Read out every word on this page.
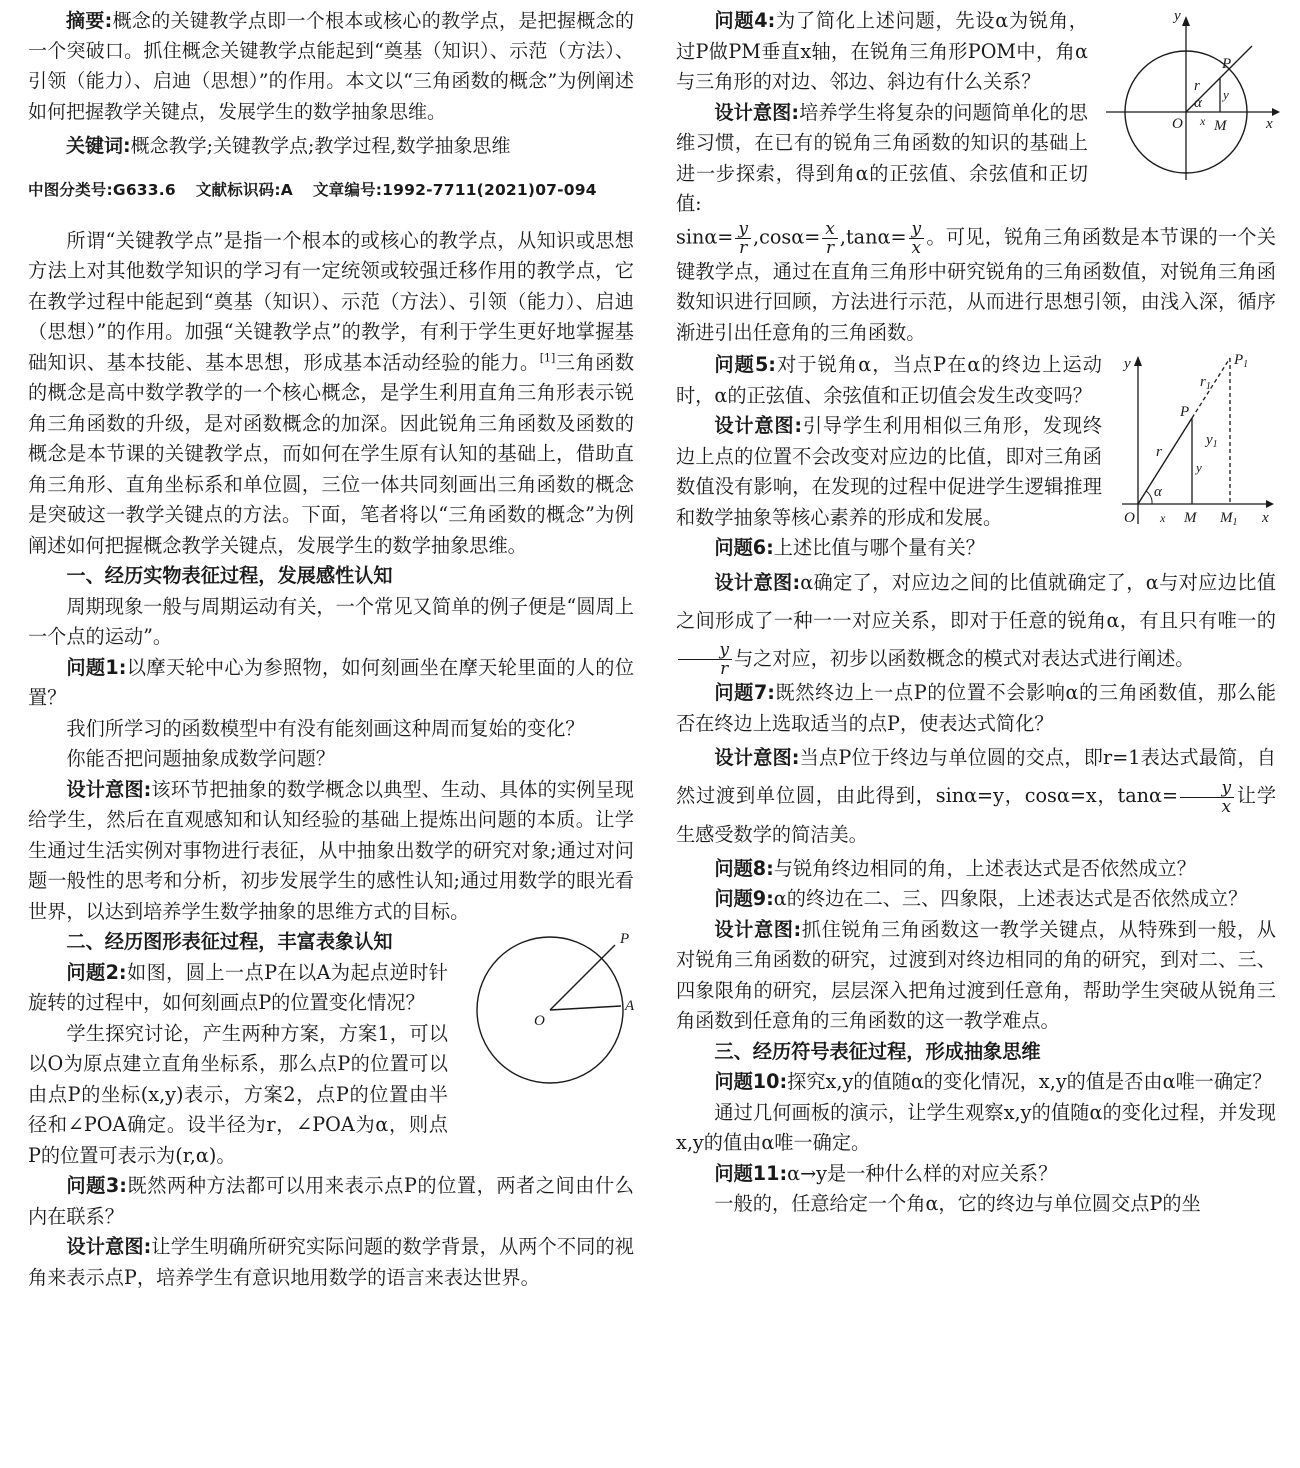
摘要:概念的关键教学点即一个根本或核心的教学点，是把握概念的一个突破口。抓住概念关键教学点能起到“奠基（知识）、示范（方法）、引领（能力）、启迪（思想）”的作用。本文以“三角函数的概念”为例阐述如何把握教学关键点，发展学生的数学抽象思维。

关键词:概念教学;关键教学点;教学过程,数学抽象思维

中图分类号:G633.6 文献标识码:A 文章编号:1992-7711(2021)07-094

所谓“关键教学点”是指一个根本的或核心的教学点，从知识或思想方法上对其他数学知识的学习有一定统领或较强迁移作用的教学点，它在教学过程中能起到“奠基（知识）、示范（方法）、引领（能力）、启迪（思想）”的作用。加强“关键教学点”的教学，有利于学生更好地掌握基础知识、基本技能、基本思想，形成基本活动经验的能力。[1]三角函数的概念是高中数学教学的一个核心概念，是学生利用直角三角形表示锐角三角函数的升级，是对函数概念的加深。因此锐角三角函数及函数的概念是本节课的关键教学点，而如何在学生原有认知的基础上，借助直角三角形、直角坐标系和单位圆，三位一体共同刻画出三角函数的概念是突破这一教学关键点的方法。下面，笔者将以“三角函数的概念”为例阐述如何把握概念教学关键点，发展学生的数学抽象思维。

一、经历实物表征过程，发展感性认知

周期现象一般与周期运动有关，一个常见又简单的例子便是“圆周上一个点的运动”。

问题1:以摩天轮中心为参照物，如何刻画坐在摩天轮里面的人的位置？

我们所学习的函数模型中有没有能刻画这种周而复始的变化？

你能否把问题抽象成数学问题？

设计意图:该环节把抽象的数学概念以典型、生动、具体的实例呈现给学生，然后在直观感知和认知经验的基础上提炼出问题的本质。让学生通过生活实例对事物进行表征，从中抽象出数学的研究对象;通过对问题一般性的思考和分析，初步发展学生的感性认知;通过用数学的眼光看世界，以达到培养学生数学抽象的思维方式的目标。

二、经历图形表征过程，丰富表象认知

问题2:如图，圆上一点P在以A为起点逆时针旋转的过程中，如何刻画点P的位置变化情况？

P
O
A

学生探究讨论，产生两种方案，方案1，可以以O为原点建立直角坐标系，那么点P的位置可以由点P的坐标(x,y)表示，方案2，点P的位置由半径和∠POA确定。设半径为r，∠POA为α，则点P的位置可表示为(r,α)。

问题3:既然两种方法都可以用来表示点P的位置，两者之间由什么内在联系？

设计意图:让学生明确所研究实际问题的数学背景，从两个不同的视角来表示点P，培养学生有意识地用数学的语言来表达世界。

问题4:为了简化上述问题，先设α为锐角，过P做PM垂直x轴，在锐角三角形POM中，角α与三角形的对边、邻边、斜边有什么关系？

设计意图:培养学生将复杂的问题简单化的思维习惯，在已有的锐角三角函数的知识的基础上进一步探索，得到角α的正弦值、余弦值和正切值:

y
x
P
O M
r
α
x
y

$\sin\alpha= \frac{y}{r} ,\cos\alpha= \frac{x}{r} ,\tan\alpha= \frac{y}{x}$ 。可见，锐角三角函数是本节课的一个关键教学点，通过在直角三角形中研究锐角的三角函数值，对锐角三角函数知识进行回顾，方法进行示范，从而进行思想引领，由浅入深，循序渐进引出任意角的三角函数。

问题5:对于锐角α，当点P在α的终边上运动时，α的正弦值、余弦值和正切值会发生改变吗？

设计意图:引导学生利用相似三角形，发现终边上点的位置不会改变对应边的比值，即对三角函数值没有影响，在发现的过程中促进学生逻辑推理和数学抽象等核心素养的形成和发展。

y
x
P
$P_1$
O	M $M_1$
r
$r_1$
$y_1$
α
x
y

问题6:上述比值与哪个量有关？

设计意图:α确定了，对应边之间的比值就确定了，α与对应边比值之间形成了一种一一对应关系，即对于任意的锐角α，有且只有唯一的
$\frac{y}{r}$ 与之对应，初步以函数概念的模式对表达式进行阐述。

问题7:既然终边上一点P的位置不会影响α的三角函数值，那么能否在终边上选取适当的点P，使表达式简化？

设计意图:当点P位于终边与单位圆的交点，即r=1表达式最简，自然过渡到单位圆，由此得到，sinα=y，cosα=x，$\tan\alpha= \frac{y}{x}$ 让学生感受数学的简洁美。

问题8:与锐角终边相同的角，上述表达式是否依然成立？

问题9:α的终边在二、三、四象限，上述表达式是否依然成立？

设计意图:抓住锐角三角函数这一教学关键点，从特殊到一般，从对锐角三角函数的研究，过渡到对终边相同的角的研究，到对二、三、四象限角的研究，层层深入把角过渡到任意角，帮助学生突破从锐角三角函数到任意角的三角函数的这一教学难点。

三、经历符号表征过程，形成抽象思维

问题10:探究x,y的值随α的变化情况，x,y的值是否由α唯一确定？

通过几何画板的演示，让学生观察x,y的值随α的变化过程，并发现x,y的值由α唯一确定。

问题11:α→y是一种什么样的对应关系？

一般的，任意给定一个角α，它的终边与单位圆交点P的坐
